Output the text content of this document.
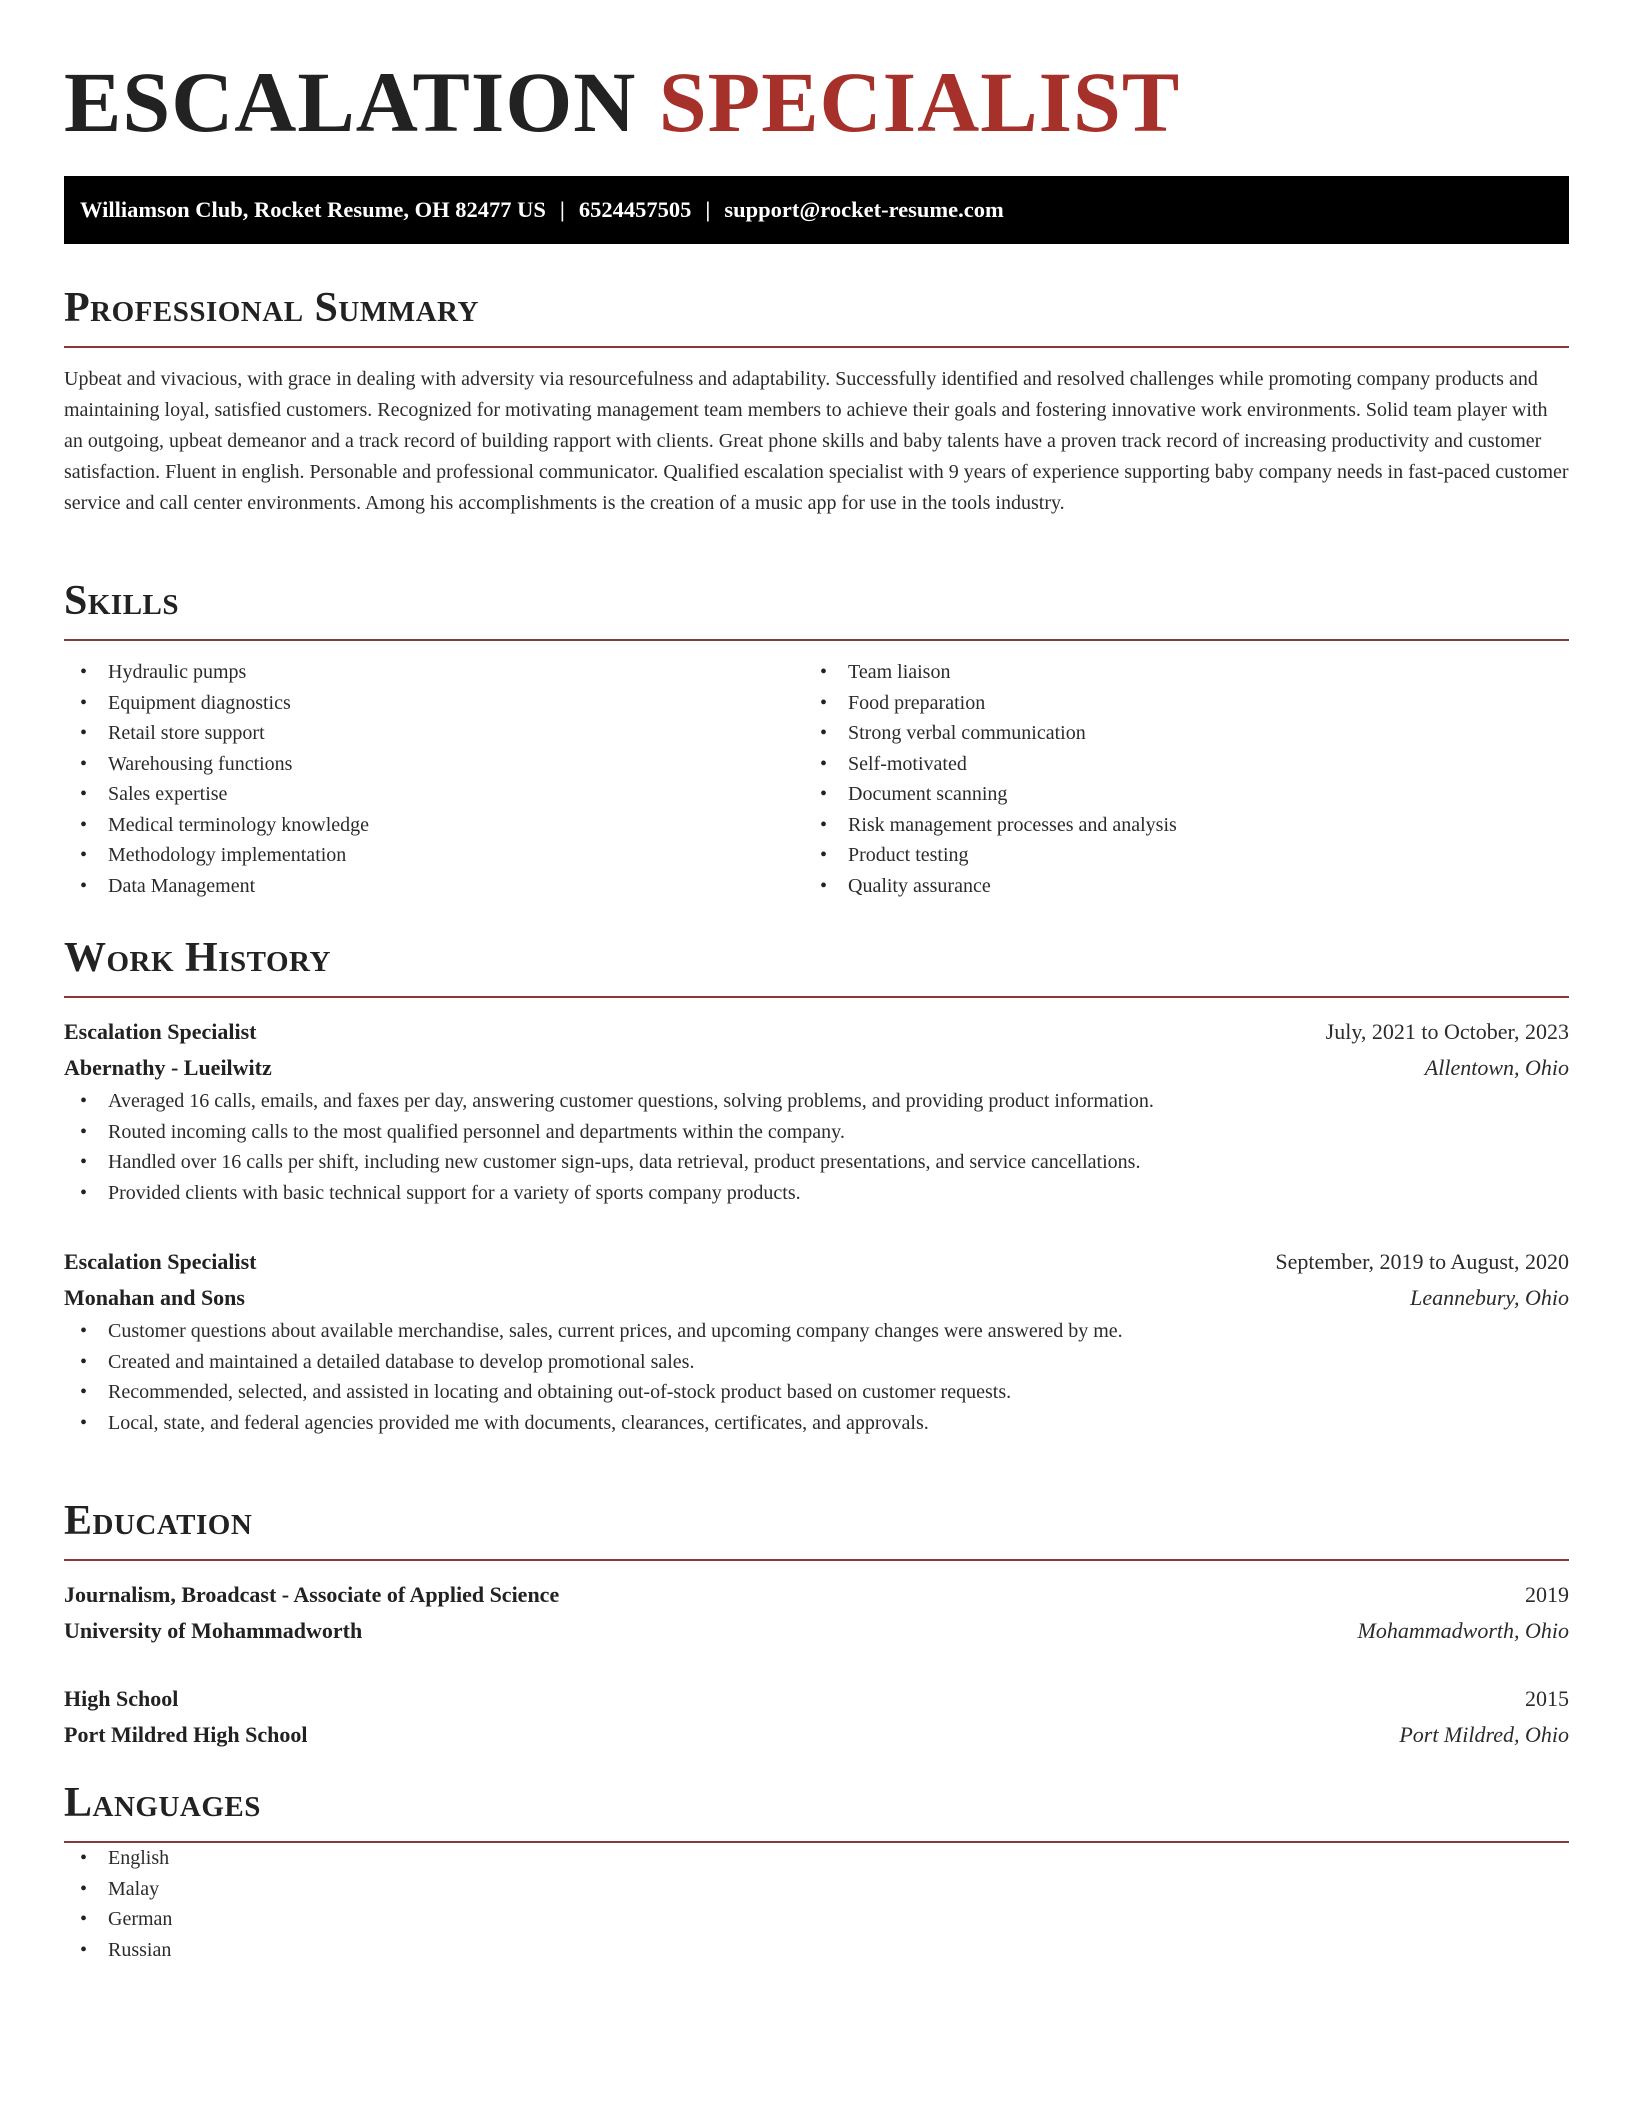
ESCALATION SPECIALIST
Williamson Club, Rocket Resume, OH 82477 US | 6524457505 | support@rocket-resume.com
Professional Summary
Upbeat and vivacious, with grace in dealing with adversity via resourcefulness and adaptability. Successfully identified and resolved challenges while promoting company products and maintaining loyal, satisfied customers. Recognized for motivating management team members to achieve their goals and fostering innovative work environments. Solid team player with an outgoing, upbeat demeanor and a track record of building rapport with clients. Great phone skills and baby talents have a proven track record of increasing productivity and customer satisfaction. Fluent in english. Personable and professional communicator. Qualified escalation specialist with 9 years of experience supporting baby company needs in fast-paced customer service and call center environments. Among his accomplishments is the creation of a music app for use in the tools industry.
Skills
• Hydraulic pumps
• Equipment diagnostics
• Retail store support
• Warehousing functions
• Sales expertise
• Medical terminology knowledge
• Methodology implementation
• Data Management
• Team liaison
• Food preparation
• Strong verbal communication
• Self-motivated
• Document scanning
• Risk management processes and analysis
• Product testing
• Quality assurance
Work History
Escalation Specialist	July, 2021 to October, 2023
Abernathy - Lueilwitz	Allentown, Ohio
• Averaged 16 calls, emails, and faxes per day, answering customer questions, solving problems, and providing product information.
• Routed incoming calls to the most qualified personnel and departments within the company.
• Handled over 16 calls per shift, including new customer sign-ups, data retrieval, product presentations, and service cancellations.
• Provided clients with basic technical support for a variety of sports company products.
Escalation Specialist	September, 2019 to August, 2020
Monahan and Sons	Leannebury, Ohio
• Customer questions about available merchandise, sales, current prices, and upcoming company changes were answered by me.
• Created and maintained a detailed database to develop promotional sales.
• Recommended, selected, and assisted in locating and obtaining out-of-stock product based on customer requests.
• Local, state, and federal agencies provided me with documents, clearances, certificates, and approvals.
Education
Journalism, Broadcast - Associate of Applied Science	2019
University of Mohammadworth	Mohammadworth, Ohio
High School	2015
Port Mildred High School	Port Mildred, Ohio
Languages
• English
• Malay
• German
• Russian
